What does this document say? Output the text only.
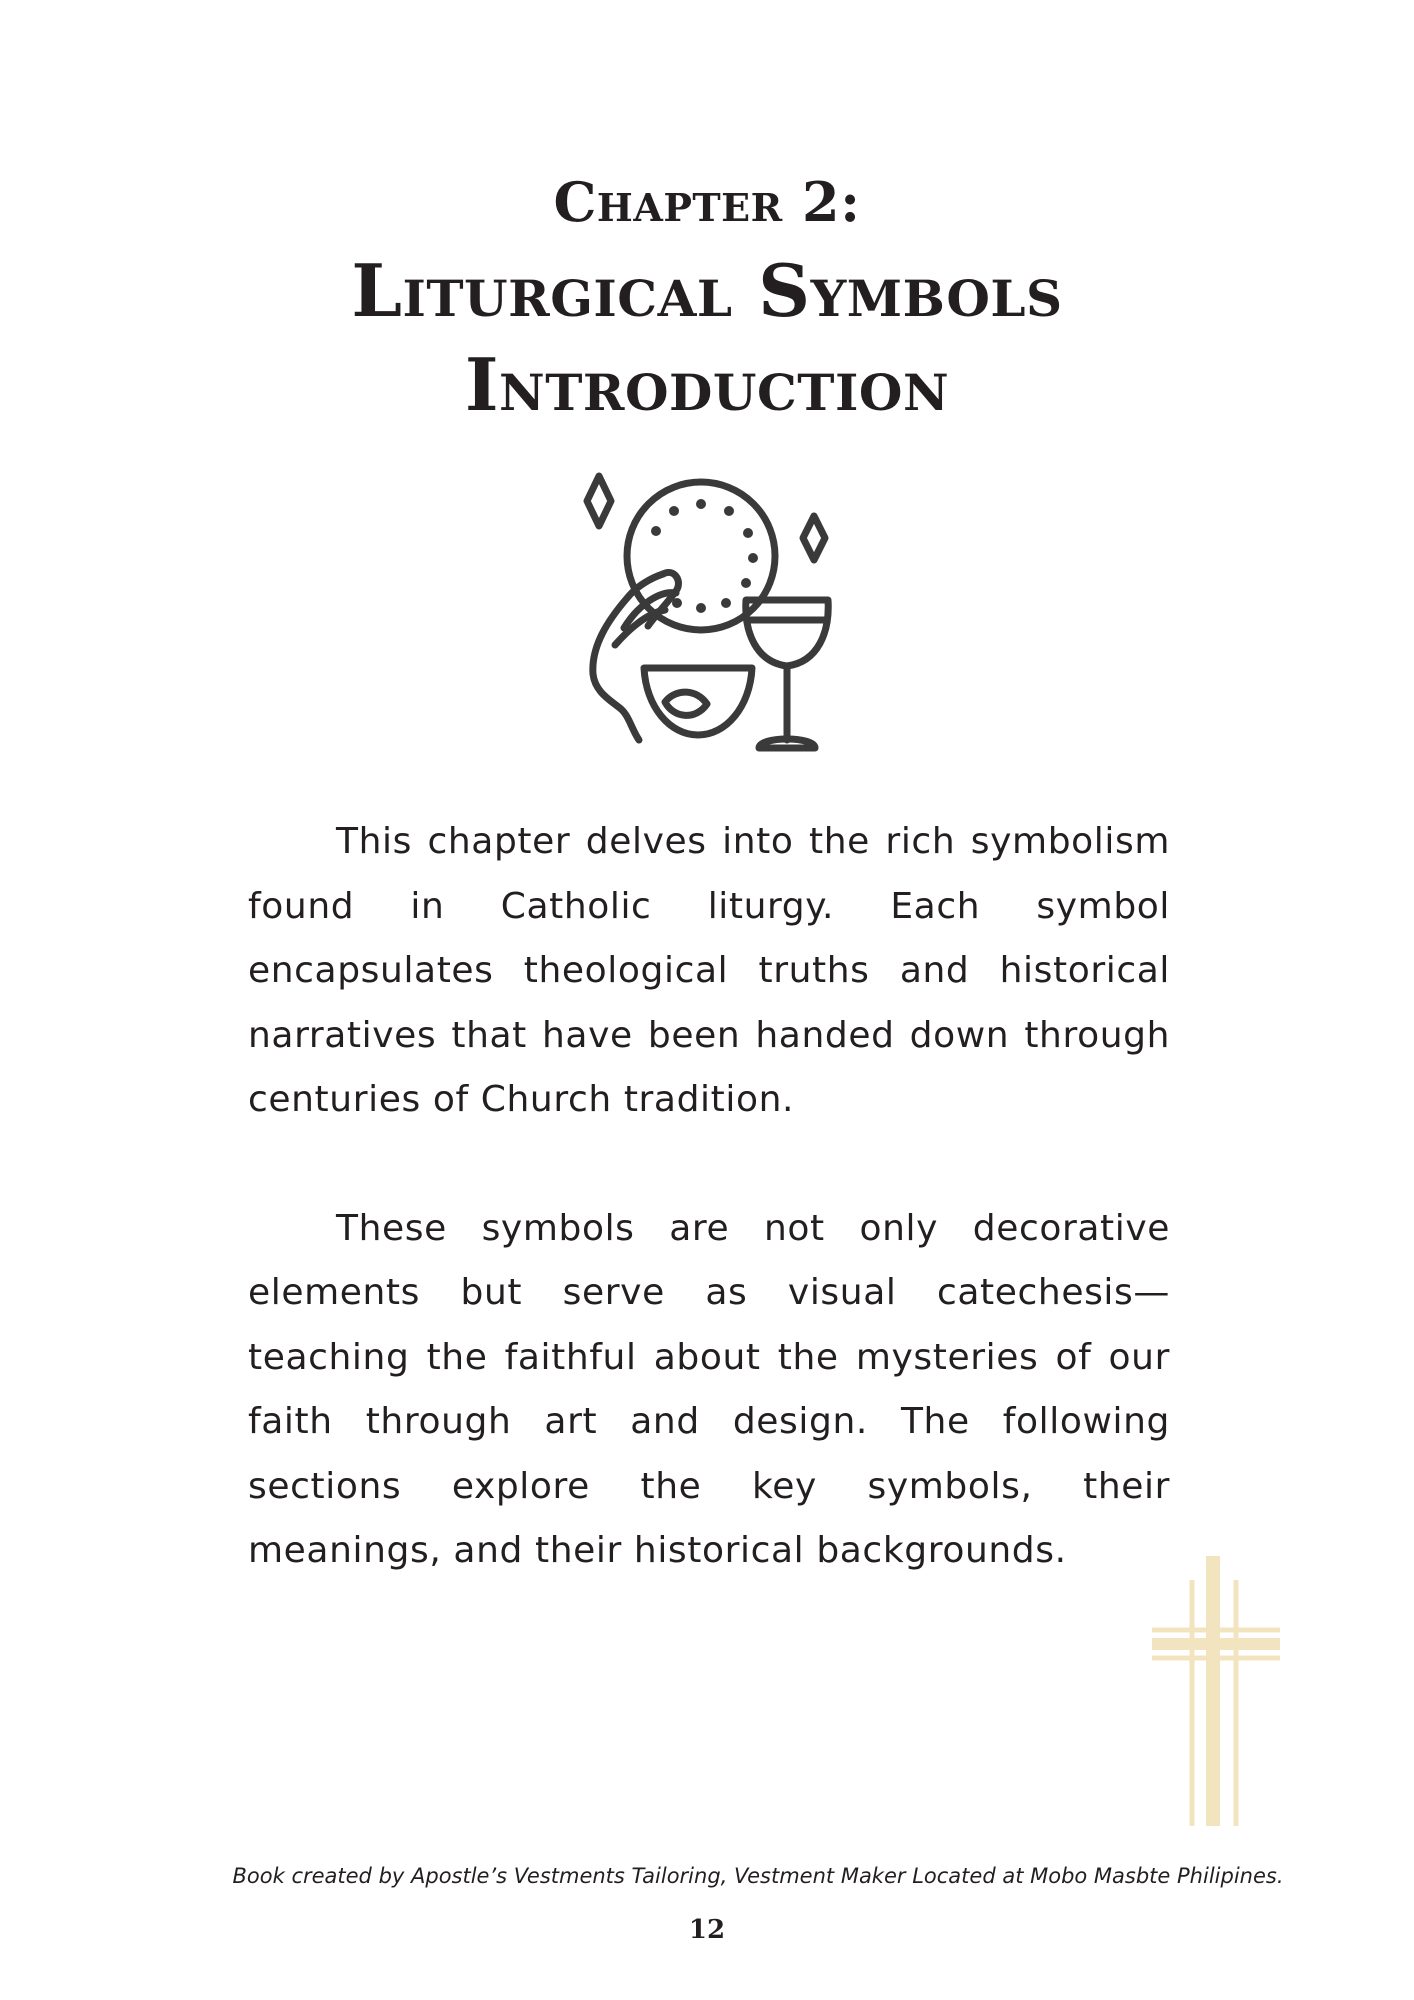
Chapter 2:
Liturgical Symbols
Introduction

This chapter delves into the rich symbolism found in Catholic liturgy. Each symbol encapsulates theological truths and historical narratives that have been handed down through centuries of Church tradition.

These symbols are not only decorative elements but serve as visual catechesis—teaching the faithful about the mysteries of our faith through art and design. The following sections explore the key symbols, their meanings, and their historical backgrounds.

Book created by Apostle’s Vestments Tailoring, Vestment Maker Located at Mobo Masbte Philipines.
12
